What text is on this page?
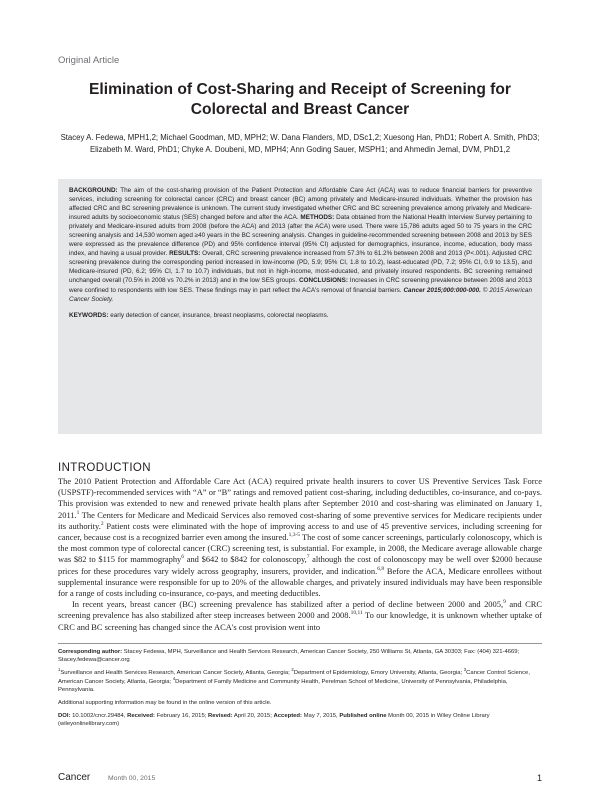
Original Article
Elimination of Cost-Sharing and Receipt of Screening for Colorectal and Breast Cancer
Stacey A. Fedewa, MPH1,2; Michael Goodman, MD, MPH2; W. Dana Flanders, MD, DSc1,2; Xuesong Han, PhD1; Robert A. Smith, PhD3; Elizabeth M. Ward, PhD1; Chyke A. Doubeni, MD, MPH4; Ann Goding Sauer, MSPH1; and Ahmedin Jemal, DVM, PhD1,2
BACKGROUND: The aim of the cost-sharing provision of the Patient Protection and Affordable Care Act (ACA) was to reduce financial barriers for preventive services, including screening for colorectal cancer (CRC) and breast cancer (BC) among privately and Medicare-insured individuals. Whether the provision has affected CRC and BC screening prevalence is unknown. The current study investigated whether CRC and BC screening prevalence among privately and Medicare-insured adults by socioeconomic status (SES) changed before and after the ACA. METHODS: Data obtained from the National Health Interview Survey pertaining to privately and Medicare-insured adults from 2008 (before the ACA) and 2013 (after the ACA) were used. There were 15,786 adults aged 50 to 75 years in the CRC screening analysis and 14,530 women aged ≥40 years in the BC screening analysis. Changes in guideline-recommended screening between 2008 and 2013 by SES were expressed as the prevalence difference (PD) and 95% confidence interval (95% CI) adjusted for demographics, insurance, income, education, body mass index, and having a usual provider. RESULTS: Overall, CRC screening prevalence increased from 57.3% to 61.2% between 2008 and 2013 (P<.001). Adjusted CRC screening prevalence during the corresponding period increased in low-income (PD, 5.9; 95% CI, 1.8 to 10.2), least-educated (PD, 7.2; 95% CI, 0.9 to 13.5), and Medicare-insured (PD, 6.2; 95% CI, 1.7 to 10.7) individuals, but not in high-income, most-educated, and privately insured respondents. BC screening remained unchanged overall (70.5% in 2008 vs 70.2% in 2013) and in the low SES groups. CONCLUSIONS: Increases in CRC screening prevalence between 2008 and 2013 were confined to respondents with low SES. These findings may in part reflect the ACA's removal of financial barriers. Cancer 2015;000:000-000. © 2015 American Cancer Society.
KEYWORDS: early detection of cancer, insurance, breast neoplasms, colorectal neoplasms.
INTRODUCTION

The 2010 Patient Protection and Affordable Care Act (ACA) required private health insurers to cover US Preventive Services Task Force (USPSTF)-recommended services with “A” or “B” ratings and removed patient cost-sharing, including deductibles, co-insurance, and co-pays. This provision was extended to new and renewed private health plans after September 2010 and cost-sharing was eliminated on January 1, 2011.$^1$ The Centers for Medicare and Medicaid Services also removed cost-sharing of some preventive services for Medicare recipients under its authority.$^2$ Patient costs were eliminated with the hope of improving access to and use of 45 preventive services, including screening for cancer, because cost is a recognized barrier even among the insured.$^{1,3-5}$ The cost of some cancer screenings, particularly colonoscopy, which is the most common type of colorectal cancer (CRC) screening test, is substantial. For example, in 2008, the Medicare average allowable charge was $82 to $115 for mammography$^6$ and $642 to $842 for colonoscopy,$^7$ although the cost of colonoscopy may be well over $2000 because prices for these procedures vary widely across geography, insurers, provider, and indication.$^{6,8}$ Before the ACA, Medicare enrollees without supplemental insurance were responsible for up to 20% of the allowable charges, and privately insured individuals may have been responsible for a range of costs including co-insurance, co-pays, and meeting deductibles.

In recent years, breast cancer (BC) screening prevalence has stabilized after a period of decline between 2000 and 2005,$^9$ and CRC screening prevalence has also stabilized after steep increases between 2000 and 2008.$^{10,11}$ To our knowledge, it is unknown whether uptake of CRC and BC screening has changed since the ACA's cost provision went into

Corresponding author: Stacey Fedewa, MPH, Surveillance and Health Services Research, American Cancer Society, 250 Williams St, Atlanta, GA 30303; Fax: (404) 321-4669; Stacey.fedewa@cancer.org

$^1$Surveillance and Health Services Research, American Cancer Society, Atlanta, Georgia; $^2$Department of Epidemiology, Emory University, Atlanta, Georgia; $^3$Cancer Control Science, American Cancer Society, Atlanta, Georgia; $^4$Department of Family Medicine and Community Health, Perelman School of Medicine, University of Pennsylvania, Philadelphia, Pennsylvania.

Additional supporting information may be found in the online version of this article.

DOI: 10.1002/cncr.29484, Received: February 16, 2015; Revised: April 20, 2015; Accepted: May 7, 2015, Published online Month 00, 2015 in Wiley Online Library (wileyonlinelibrary.com)

Cancer	Month 00, 2015	1
